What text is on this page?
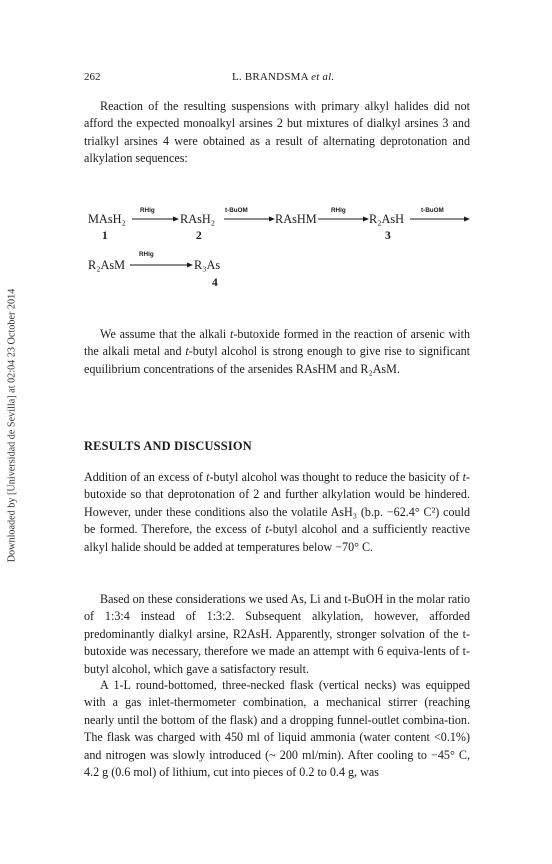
Downloaded by [Universidad de Sevilla] at 02:04 23 October 2014
262	L. BRANDSMA et al.

Reaction of the resulting suspensions with primary alkyl halides did not afford the expected monoalkyl arsines 2 but mixtures of dialkyl arsines 3 and trialkyl arsines 4 were obtained as a result of alternating deprotonation and alkylation sequences:

MAsH₂
RHlg
RAsH₂
t-BuOM
RAsHM
RHlg
R₂AsH
t-BuOM
1	2	3
RHlg
R₂AsM	R₃As
4

We assume that the alkali t-butoxide formed in the reaction of arsenic with the alkali metal and t-butyl alcohol is strong enough to give rise to significant equilibrium concentrations of the arsenides RAsHM and R₂AsM.

RESULTS AND DISCUSSION

Addition of an excess of t-butyl alcohol was thought to reduce the basicity of t-butoxide so that deprotonation of 2 and further alkylation would be hindered. However, under these conditions also the volatile AsH₃ (b.p. −62.4° C²) could be formed. Therefore, the excess of t-butyl alcohol and a sufficiently reactive alkyl halide should be added at temperatures below −70° C.

Based on these considerations we used As, Li and t-BuOH in the molar ratio of 1:3:4 instead of 1:3:2. Subsequent alkylation, however, afforded predominantly dialkyl arsine, R2AsH. Apparently, stronger solvation of the t-butoxide was necessary, therefore we made an attempt with 6 equiva-lents of t-butyl alcohol, which gave a satisfactory result.

A 1-L round-bottomed, three-necked flask (vertical necks) was equipped with a gas inlet-thermometer combination, a mechanical stirrer (reaching nearly until the bottom of the flask) and a dropping funnel-outlet combina-tion. The flask was charged with 450 ml of liquid ammonia (water content <0.1%) and nitrogen was slowly introduced (~ 200 ml/min). After cooling to −45° C, 4.2 g (0.6 mol) of lithium, cut into pieces of 0.2 to 0.4 g, was
